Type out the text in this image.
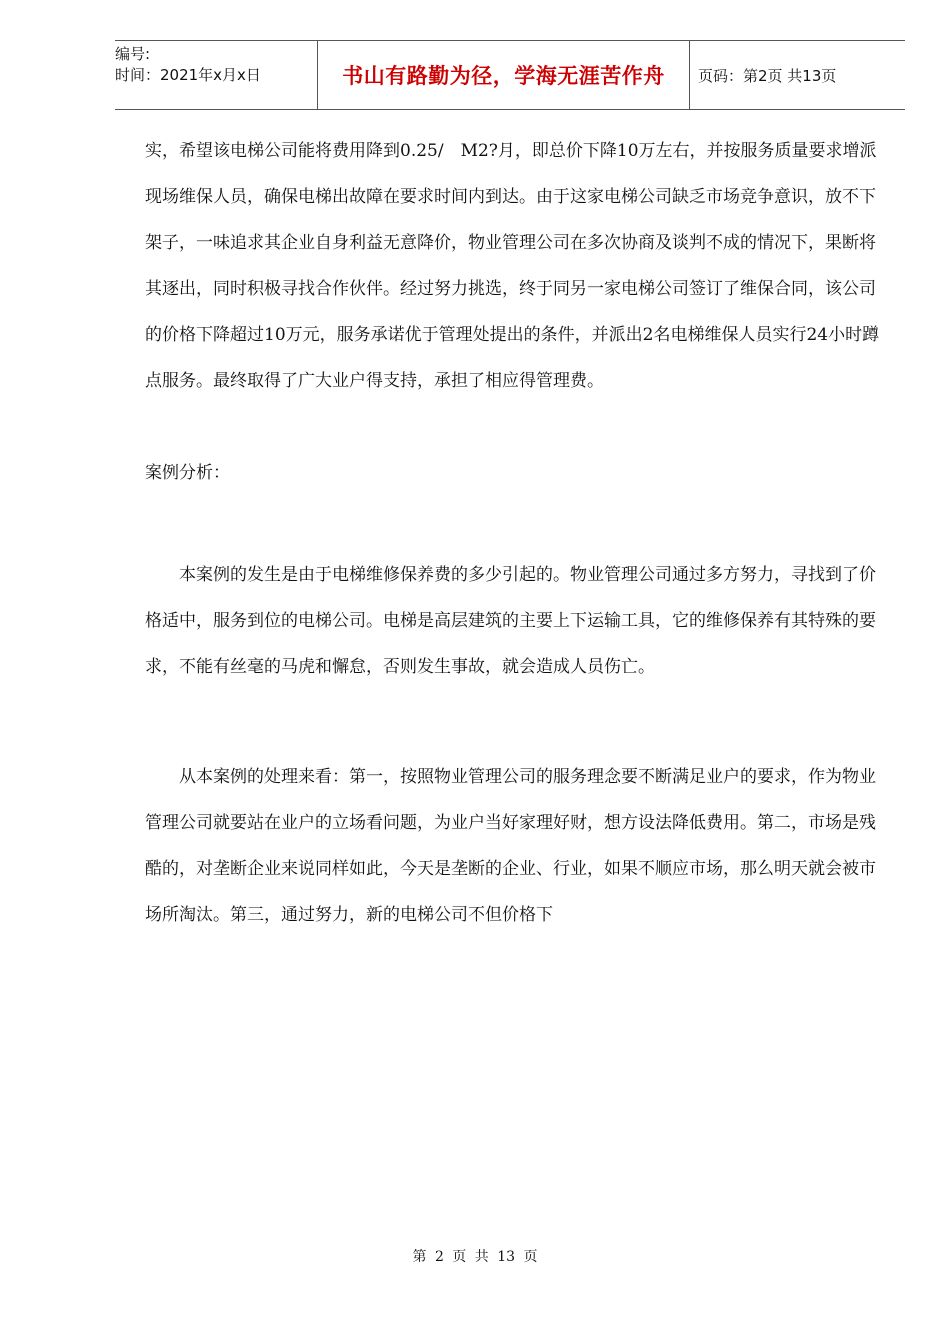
编号:
时间：2021年x月x日	书山有路勤为径，学海无涯苦作舟 页码：第2页 共13页

实，希望该电梯公司能将费用降到0.25/　M2?月，即总价下降10万左右，并按服务质量要求增派现场维保人员，确保电梯出故障在要求时间内到达。由于这家电梯公司缺乏市场竞争意识，放不下架子，一味追求其企业自身利益无意降价，物业管理公司在多次协商及谈判不成的情况下，果断将其逐出，同时积极寻找合作伙伴。经过努力挑选，终于同另一家电梯公司签订了维保合同，该公司的价格下降超过10万元，服务承诺优于管理处提出的条件，并派出2名电梯维保人员实行24小时蹲点服务。最终取得了广大业户得支持，承担了相应得管理费。

案例分析：

本案例的发生是由于电梯维修保养费的多少引起的。物业管理公司通过多方努力，寻找到了价格适中，服务到位的电梯公司。电梯是高层建筑的主要上下运输工具，它的维修保养有其特殊的要求，不能有丝毫的马虎和懈怠，否则发生事故，就会造成人员伤亡。

从本案例的处理来看：第一，按照物业管理公司的服务理念要不断满足业户的要求，作为物业管理公司就要站在业户的立场看问题，为业户当好家理好财，想方设法降低费用。第二，市场是残酷的，对垄断企业来说同样如此，今天是垄断的企业、行业，如果不顺应市场，那么明天就会被市场所淘汰。第三，通过努力，新的电梯公司不但价格下

第 2 页 共 13 页
